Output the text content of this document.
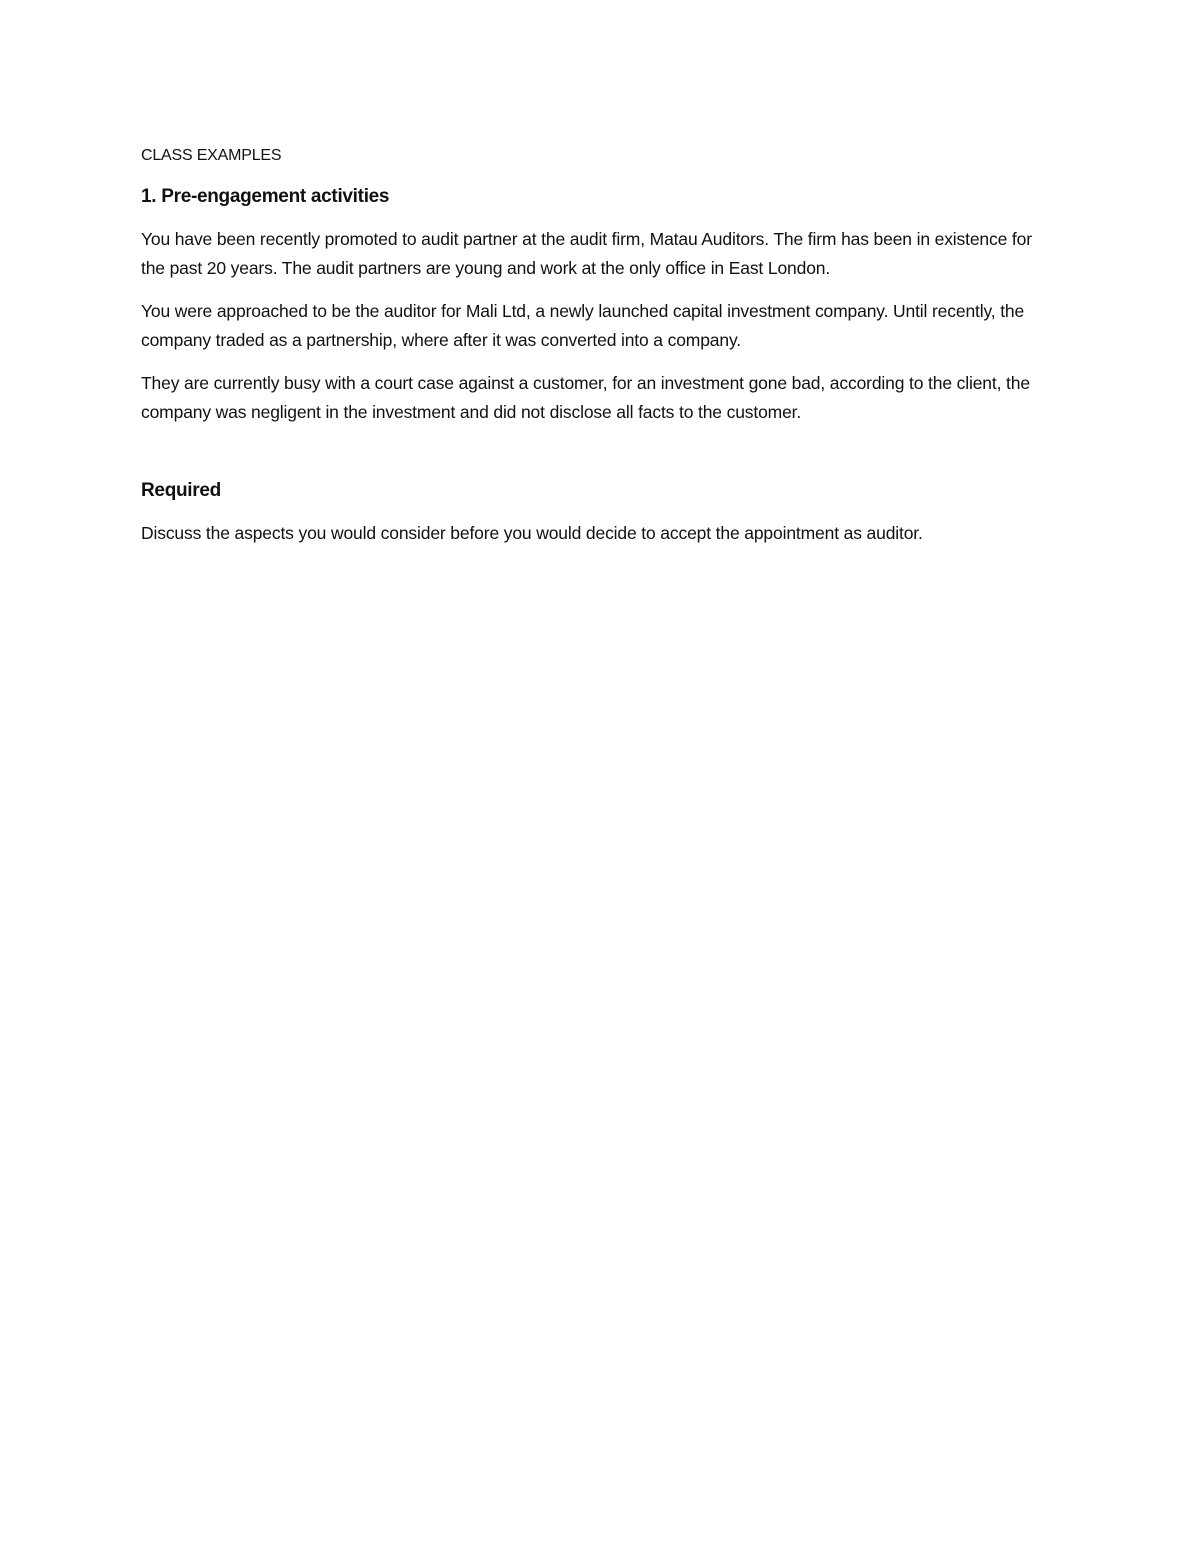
CLASS EXAMPLES

1. Pre-engagement activities

You have been recently promoted to audit partner at the audit firm, Matau Auditors. The firm has been in existence for the past 20 years. The audit partners are young and work at the only office in East London.

You were approached to be the auditor for Mali Ltd, a newly launched capital investment company. Until recently, the company traded as a partnership, where after it was converted into a company.

They are currently busy with a court case against a customer, for an investment gone bad, according to the client, the company was negligent in the investment and did not disclose all facts to the customer.

Required

Discuss the aspects you would consider before you would decide to accept the appointment as auditor.
